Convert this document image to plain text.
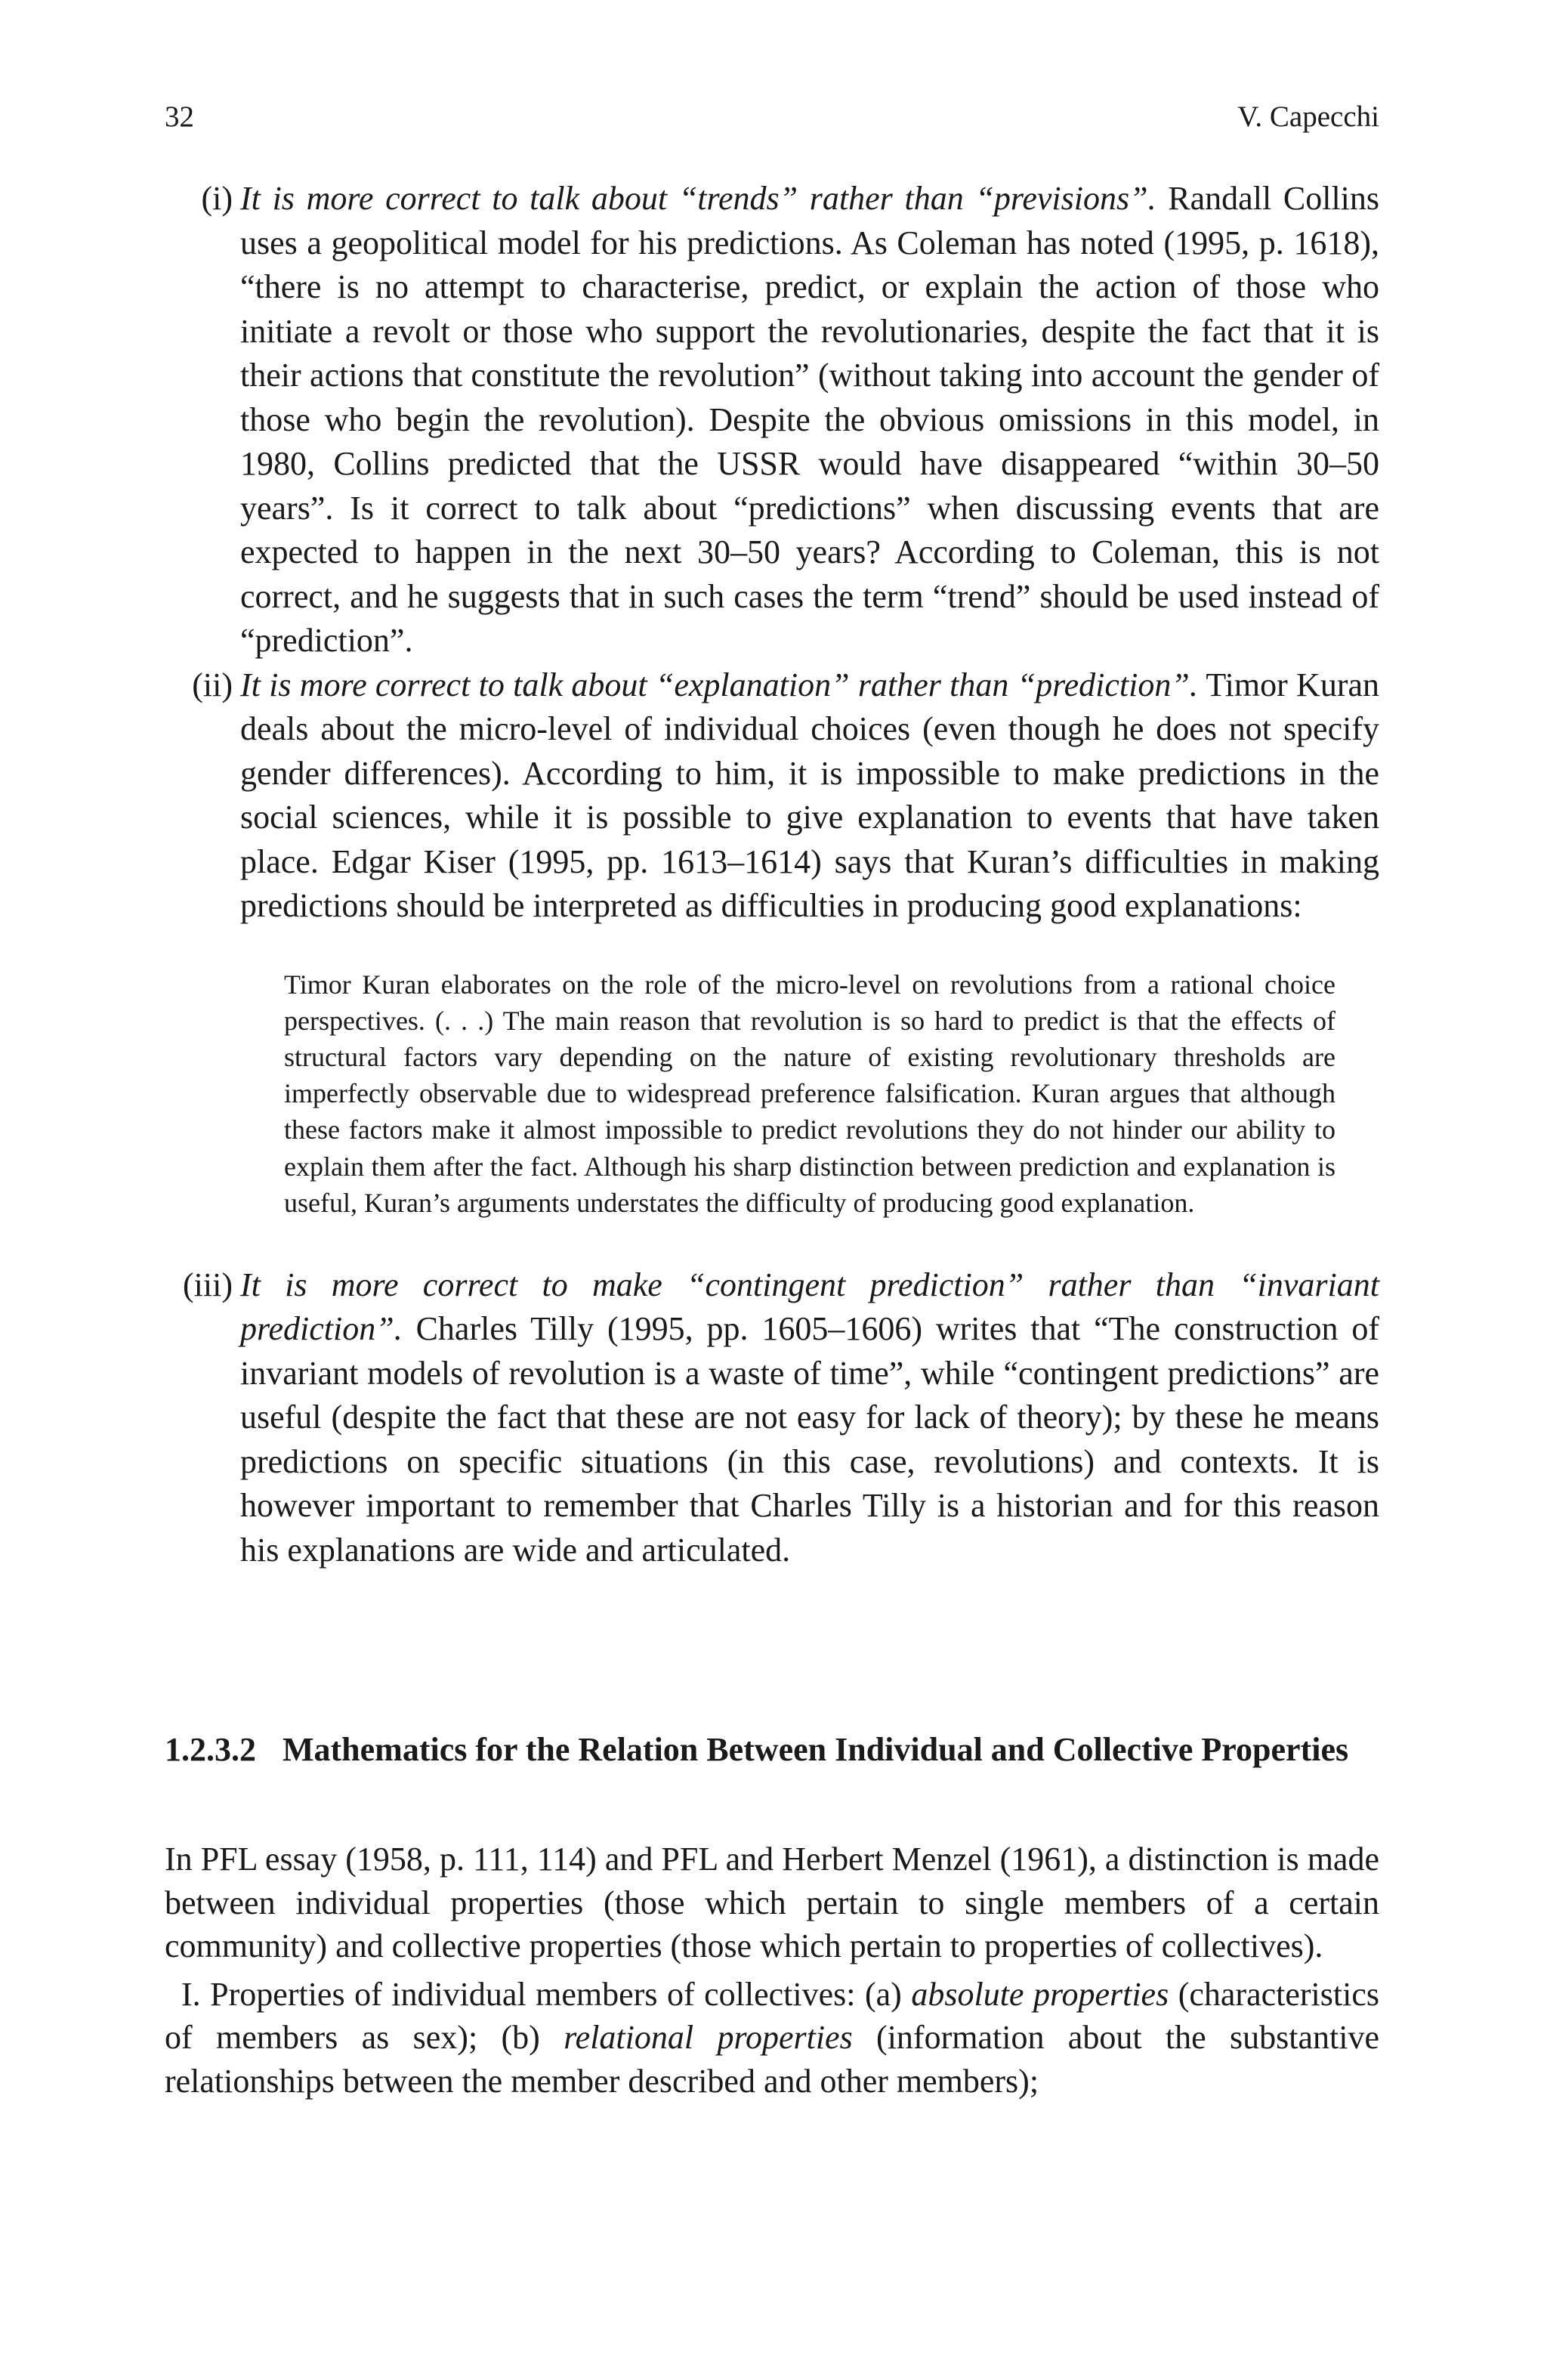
32	V. Capecchi
(i) It is more correct to talk about “trends” rather than “previsions”. Randall Collins uses a geopolitical model for his predictions. As Coleman has noted (1995, p. 1618), “there is no attempt to characterise, predict, or explain the action of those who initiate a revolt or those who support the revolutionaries, despite the fact that it is their actions that constitute the revolution” (without taking into account the gender of those who begin the revolution). Despite the obvious omissions in this model, in 1980, Collins predicted that the USSR would have disappeared “within 30–50 years”. Is it correct to talk about “predictions” when discussing events that are expected to happen in the next 30–50 years? According to Coleman, this is not correct, and he suggests that in such cases the term “trend” should be used instead of “prediction”.

(ii) It is more correct to talk about “explanation” rather than “prediction”. Timor Kuran deals about the micro-level of individual choices (even though he does not specify gender differences). According to him, it is impossible to make predictions in the social sciences, while it is possible to give explanation to events that have taken place. Edgar Kiser (1995, pp. 1613–1614) says that Kuran’s difficulties in making predictions should be interpreted as difficulties in producing good explanations:

Timor Kuran elaborates on the role of the micro-level on revolutions from a rational choice perspectives. (. . .) The main reason that revolution is so hard to predict is that the effects of structural factors vary depending on the nature of existing revolutionary thresholds are imperfectly observable due to widespread preference falsification. Kuran argues that although these factors make it almost impossible to predict revolutions they do not hinder our ability to explain them after the fact. Although his sharp distinction between prediction and explanation is useful, Kuran’s arguments understates the difficulty of producing good explanation.

(iii) It is more correct to make “contingent prediction” rather than “invariant prediction”. Charles Tilly (1995, pp. 1605–1606) writes that “The construction of invariant models of revolution is a waste of time”, while “contingent predictions” are useful (despite the fact that these are not easy for lack of theory); by these he means predictions on specific situations (in this case, revolutions) and contexts. It is however important to remember that Charles Tilly is a historian and for this reason his explanations are wide and articulated.

1.2.3.2 Mathematics for the Relation Between Individual and Collective Properties

In PFL essay (1958, p. 111, 114) and PFL and Herbert Menzel (1961), a distinction is made between individual properties (those which pertain to single members of a certain community) and collective properties (those which pertain to properties of collectives).

I. Properties of individual members of collectives: (a) absolute properties (characteristics of members as sex); (b) relational properties (information about the substantive relationships between the member described and other members);
